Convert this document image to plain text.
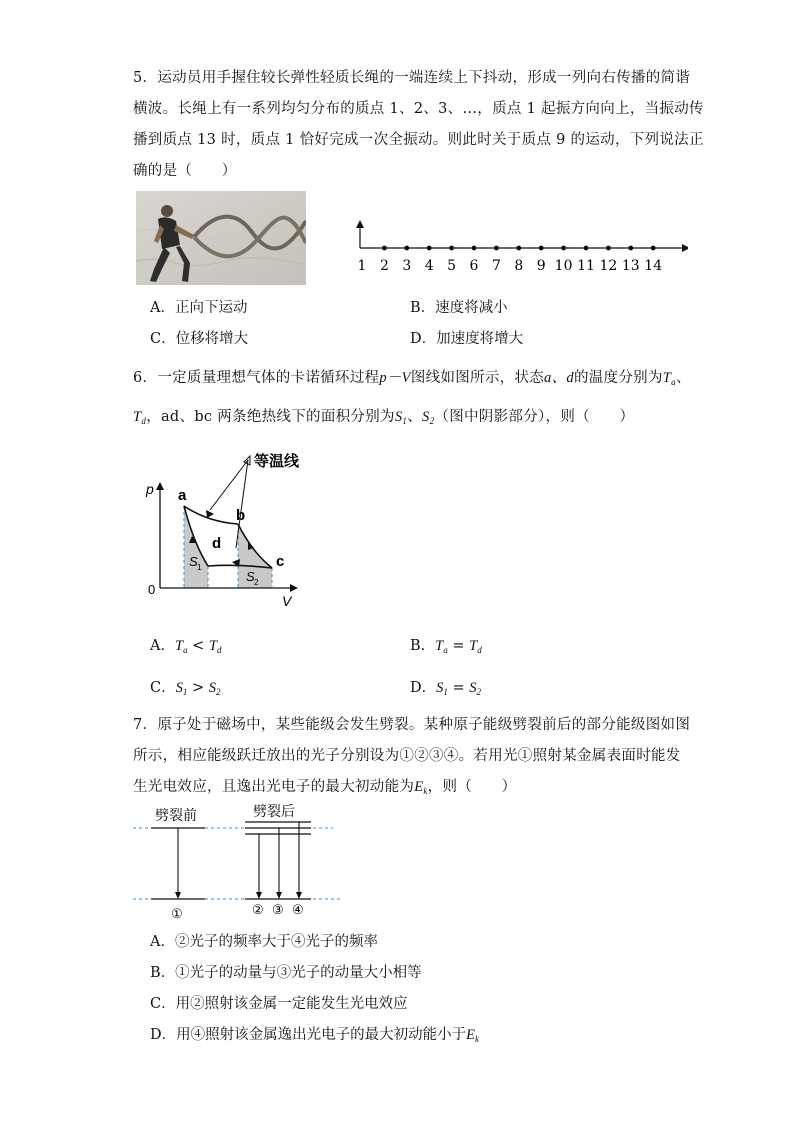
5．运动员用手握住较长弹性轻质长绳的一端连续上下抖动，形成一列向右传播的简谐
横波。长绳上有一系列均匀分布的质点 1、2、3、…，质点 1 起振方向向上，当振动传
播到质点 13 时，质点 1 恰好完成一次全振动。则此时关于质点 9 的运动，下列说法正
确的是（　　）
1 2 3 4 5 6 7 8 9 10 11 12 13 14
A．正向下运动	B．速度将减小
C．位移将增大	D．加速度将增大
6．一定质量理想气体的卡诺循环过程p－V图线如图所示，状态a、d的温度分别为$T_a$、
$T_d$，ad、bc 两条绝热线下的面积分别为$S_1$、$S_2$（图中阴影部分），则（　　）
等温线
p
V
0
a
b
c
d
S 1
S 2
A．$T_a < T_d$	B．$T_a = T_d$
C．$S_1 > S_2$	D．$S_1 = S_2$
7．原子处于磁场中，某些能级会发生劈裂。某种原子能级劈裂前后的部分能级图如图
所示，相应能级跃迁放出的光子分别设为①②③④。若用光①照射某金属表面时能发
生光电效应，且逸出光电子的最大初动能为$E_k$，则（　　）
劈裂前	劈裂后
①	② ③ ④
A．②光子的频率大于④光子的频率
B．①光子的动量与③光子的动量大小相等
C．用②照射该金属一定能发生光电效应
D．用④照射该金属逸出光电子的最大初动能小于$E_k$
